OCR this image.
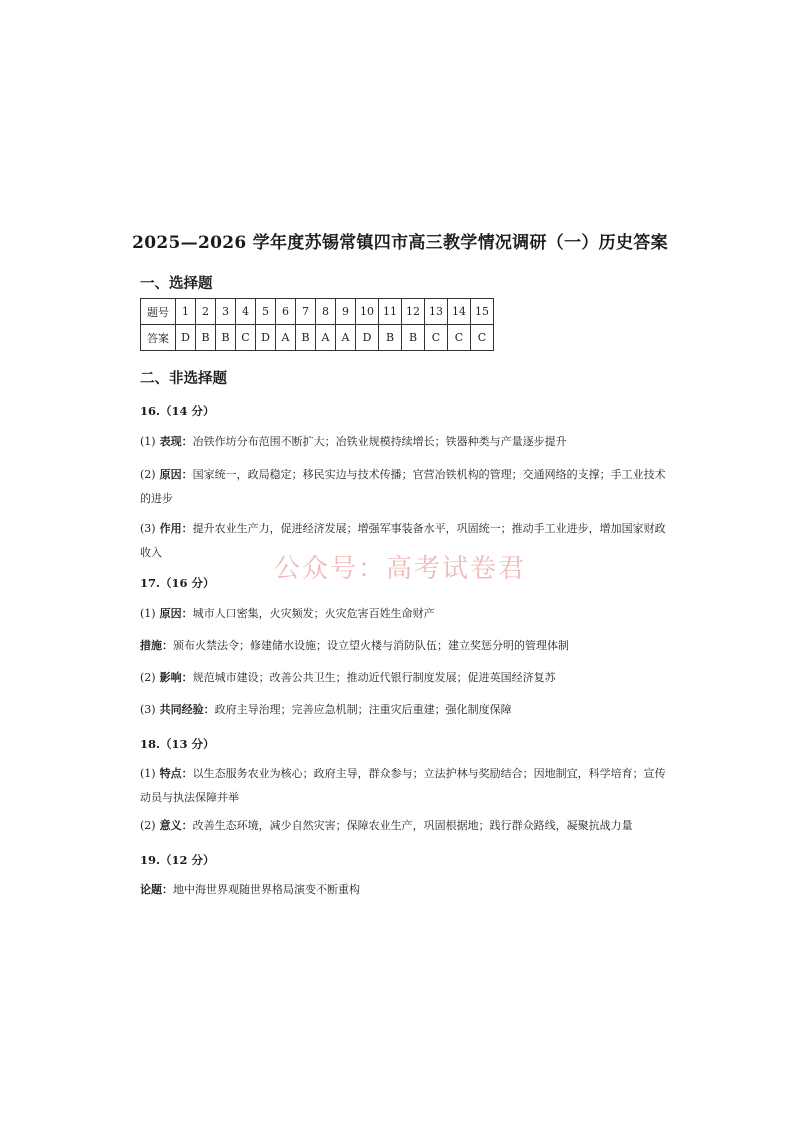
2025—2026 学年度苏锡常镇四市高三教学情况调研（一）历史答案
一、选择题
题号	1	2	3	4	5	6	7	8	9	10	11	12	13	14	15
答案	D	B	B	C	D	A	B	A	A	D	B	B	C	C	C
二、非选择题
16.（14 分）
(1) 表现：冶铁作坊分布范围不断扩大；冶铁业规模持续增长；铁器种类与产量逐步提升
(2) 原因：国家统一，政局稳定；移民实边与技术传播；官营冶铁机构的管理；交通网络的支撑；手工业技术的进步
(3) 作用：提升农业生产力，促进经济发展；增强军事装备水平，巩固统一；推动手工业进步，增加国家财政收入
公众号：高考试卷君
17.（16 分）
(1) 原因：城市人口密集，火灾频发；火灾危害百姓生命财产
措施：颁布火禁法令；修建储水设施；设立望火楼与消防队伍；建立奖惩分明的管理体制
(2) 影响：规范城市建设；改善公共卫生；推动近代银行制度发展；促进英国经济复苏
(3) 共同经验：政府主导治理；完善应急机制；注重灾后重建；强化制度保障
18.（13 分）
(1) 特点：以生态服务农业为核心；政府主导，群众参与；立法护林与奖励结合；因地制宜，科学培育；宣传动员与执法保障并举
(2) 意义：改善生态环境，减少自然灾害；保障农业生产，巩固根据地；践行群众路线，凝聚抗战力量
19.（12 分）
论题：地中海世界观随世界格局演变不断重构
